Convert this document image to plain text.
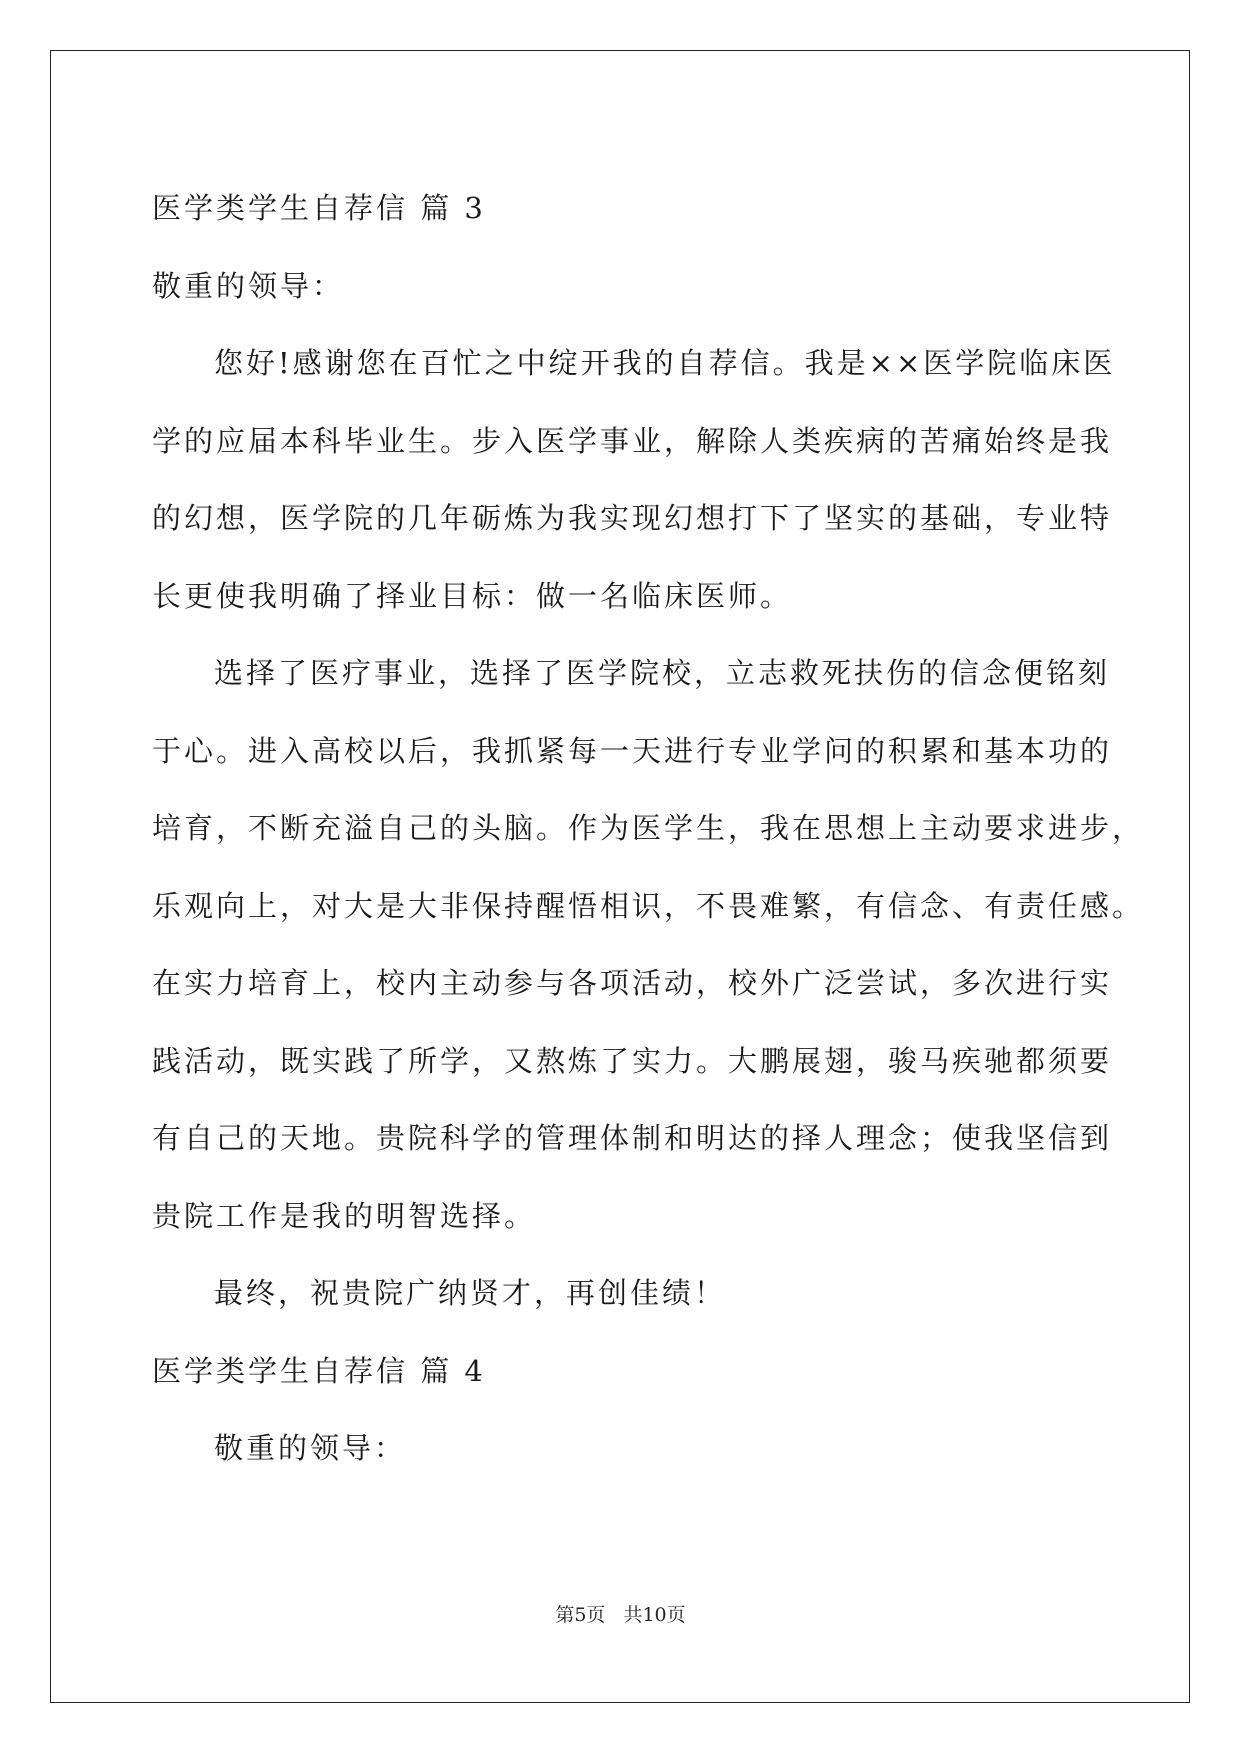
医学类学生自荐信 篇 3
敬重的领导：
您好!感谢您在百忙之中绽开我的自荐信。我是××医学院临床医
学的应届本科毕业生。步入医学事业，解除人类疾病的苦痛始终是我
的幻想，医学院的几年砺炼为我实现幻想打下了坚实的基础，专业特
长更使我明确了择业目标：做一名临床医师。
选择了医疗事业，选择了医学院校，立志救死扶伤的信念便铭刻
于心。进入高校以后，我抓紧每一天进行专业学问的积累和基本功的
培育，不断充溢自己的头脑。作为医学生，我在思想上主动要求进步，
乐观向上，对大是大非保持醒悟相识，不畏难繁，有信念、有责任感。
在实力培育上，校内主动参与各项活动，校外广泛尝试，多次进行实
践活动，既实践了所学，又熬炼了实力。大鹏展翅，骏马疾驰都须要
有自己的天地。贵院科学的管理体制和明达的择人理念；使我坚信到
贵院工作是我的明智选择。
最终，祝贵院广纳贤才，再创佳绩！
医学类学生自荐信 篇 4
敬重的领导：
第5页 共10页
